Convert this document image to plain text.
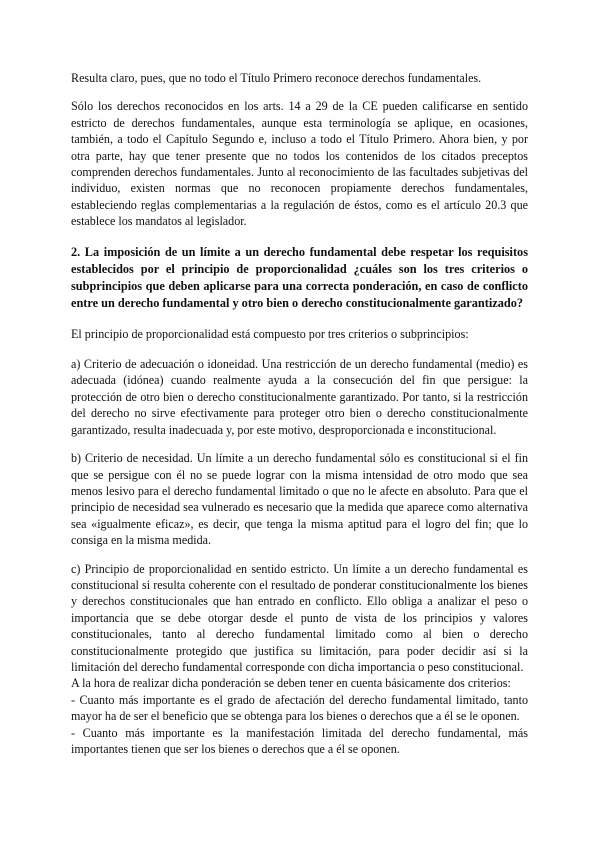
Resulta claro, pues, que no todo el Título Primero reconoce derechos fundamentales.

Sólo los derechos reconocidos en los arts. 14 a 29 de la CE pueden calificarse en sentido estricto de derechos fundamentales, aunque esta terminología se aplique, en ocasiones, también, a todo el Capítulo Segundo e, incluso a todo el Título Primero. Ahora bien, y por otra parte, hay que tener presente que no todos los contenidos de los citados preceptos comprenden derechos fundamentales. Junto al reconocimiento de las facultades subjetivas del individuo, existen normas que no reconocen propiamente derechos fundamentales, estableciendo reglas complementarias a la regulación de éstos, como es el artículo 20.3 que establece los mandatos al legislador.

2. La imposición de un límite a un derecho fundamental debe respetar los requisitos establecidos por el principio de proporcionalidad ¿cuáles son los tres criterios o subprincipios que deben aplicarse para una correcta ponderación, en caso de conflicto entre un derecho fundamental y otro bien o derecho constitucionalmente garantizado?

El principio de proporcionalidad está compuesto por tres criterios o subprincipios:

a) Criterio de adecuación o idoneidad. Una restricción de un derecho fundamental (medio) es adecuada (idónea) cuando realmente ayuda a la consecución del fin que persigue: la protección de otro bien o derecho constitucionalmente garantizado. Por tanto, si la restricción del derecho no sirve efectivamente para proteger otro bien o derecho constitucionalmente garantizado, resulta inadecuada y, por este motivo, desproporcionada e inconstitucional.

b) Criterio de necesidad. Un límite a un derecho fundamental sólo es constitucional si el fin que se persigue con él no se puede lograr con la misma intensidad de otro modo que sea menos lesivo para el derecho fundamental limitado o que no le afecte en absoluto. Para que el principio de necesidad sea vulnerado es necesario que la medida que aparece como alternativa sea «igualmente eficaz», es decir, que tenga la misma aptitud para el logro del fin; que lo consiga en la misma medida.

c) Principio de proporcionalidad en sentido estricto. Un límite a un derecho fundamental es constitucional si resulta coherente con el resultado de ponderar constitucionalmente los bienes y derechos constitucionales que han entrado en conflicto. Ello obliga a analizar el peso o importancia que se debe otorgar desde el punto de vista de los principios y valores constitucionales, tanto al derecho fundamental limitado como al bien o derecho constitucionalmente protegido que justifica su limitación, para poder decidir así si la limitación del derecho fundamental corresponde con dicha importancia o peso constitucional.

A la hora de realizar dicha ponderación se deben tener en cuenta básicamente dos criterios:

- Cuanto más importante es el grado de afectación del derecho fundamental limitado, tanto mayor ha de ser el beneficio que se obtenga para los bienes o derechos que a él se le oponen.

- Cuanto más importante es la manifestación limitada del derecho fundamental, más importantes tienen que ser los bienes o derechos que a él se oponen.
